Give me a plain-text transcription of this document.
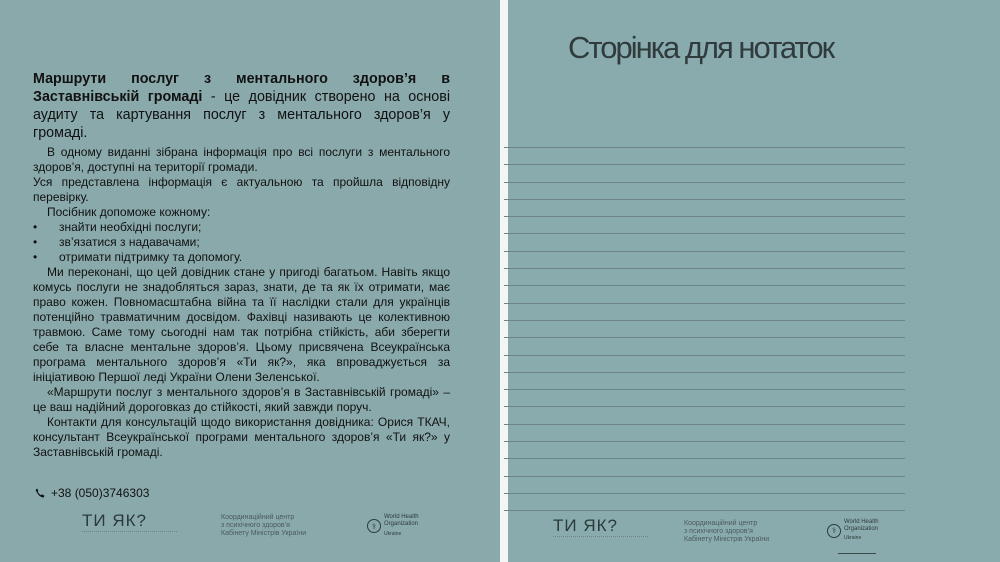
Маршрути послуг з ментального здоров’я в Заставнівській громаді - це довідник створено на основі аудиту та картування послуг з ментального здоров’я у громаді.

В одному виданні зібрана інформація про всі послуги з ментального здоров’я, доступні на території громади.

Уся представлена інформація є актуальною та пройшла відповідну перевірку.

Посібник допоможе кожному:

•	знайти необхідні послуги;
•	зв’язатися з надавачами;
•	отримати підтримку та допомогу.

Ми переконані, що цей довідник стане у пригоді багатьом. Навіть якщо комусь послуги не знадобляться зараз, знати, де та як їх отримати, має право кожен. Повномасштабна війна та її наслідки стали для українців потенційно травматичним досвідом. Фахівці називають це колективною травмою. Саме тому сьогодні нам так потрібна стійкість, аби зберегти себе та власне ментальне здоров’я. Цьому присвячена Всеукраїнська програма ментального здоров’я «Ти як?», яка впроваджується за ініціативою Першої леді України Олени Зеленської.

«Маршрути послуг з ментального здоров’я в Заставнівській громаді» – це ваш надійний дороговказ до стійкості, який завжди поруч.

Контакти для консультацій щодо використання довідника: Орися ТКАЧ, консультант Всеукраїнської програми ментального здоров’я «Ти як?» у Заставнівській громаді.

+38 (050)3746303
ТИ ЯК?	Координаційний центр
з психічного здоров’я
Кабінету Міністрів України
⚕
World Health
Organization
Ukraine
Сторінка для нотаток
ТИ ЯК?	Координаційний центр
з психічного здоров’я
Кабінету Міністрів України
⚕
World Health
Organization
Ukraine
